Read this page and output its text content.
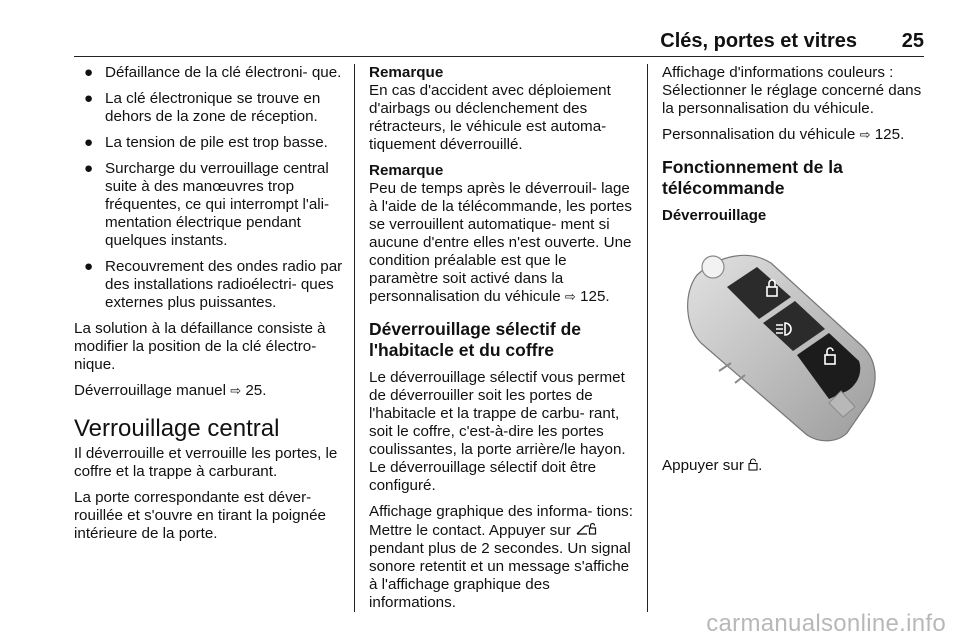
Clés, portes et vitres 25
● Défaillance de la clé électroni‐ que.
● La clé électronique se trouve en dehors de la zone de réception.
● La tension de pile est trop basse.
● Surcharge du verrouillage central suite à des manœuvres trop fréquentes, ce qui interrompt l'ali‐ mentation électrique pendant quelques instants.
● Recouvrement des ondes radio par des installations radioélectri‐ ques externes plus puissantes.

La solution à la défaillance consiste à modifier la position de la clé électro‐ nique.

Déverrouillage manuel ⇨ 25.

Verrouillage central

Il déverrouille et verrouille les portes, le coffre et la trappe à carburant.

La porte correspondante est déver‐ rouillée et s'ouvre en tirant la poignée intérieure de la porte.

Remarque
En cas d'accident avec déploiement d'airbags ou déclenchement des rétracteurs, le véhicule est automa‐ tiquement déverrouillé.
Remarque
Peu de temps après le déverrouil‐ lage à l'aide de la télécommande, les portes se verrouillent automatique‐ ment si aucune d'entre elles n'est ouverte. Une condition préalable est que le paramètre soit activé dans la personnalisation du véhicule ⇨ 125.
Déverrouillage sélectif de l'habitacle et du coffre

Le déverrouillage sélectif vous permet de déverrouiller soit les portes de l'habitacle et la trappe de carbu‐ rant, soit le coffre, c'est-à-dire les portes coulissantes, la porte arrière/le hayon. Le déverrouillage sélectif doit être configuré.

Affichage graphique des informa‐ tions: Mettre le contact. Appuyer sur  pendant plus de 2 secondes. Un signal sonore retentit et un message s'affiche à l'affichage graphique des informations.

Affichage d'informations couleurs : Sélectionner le réglage concerné dans la personnalisation du véhicule.

Personnalisation du véhicule ⇨ 125.

Fonctionnement de la télécommande
Déverrouillage

Appuyer sur .

carmanualsonline.info
